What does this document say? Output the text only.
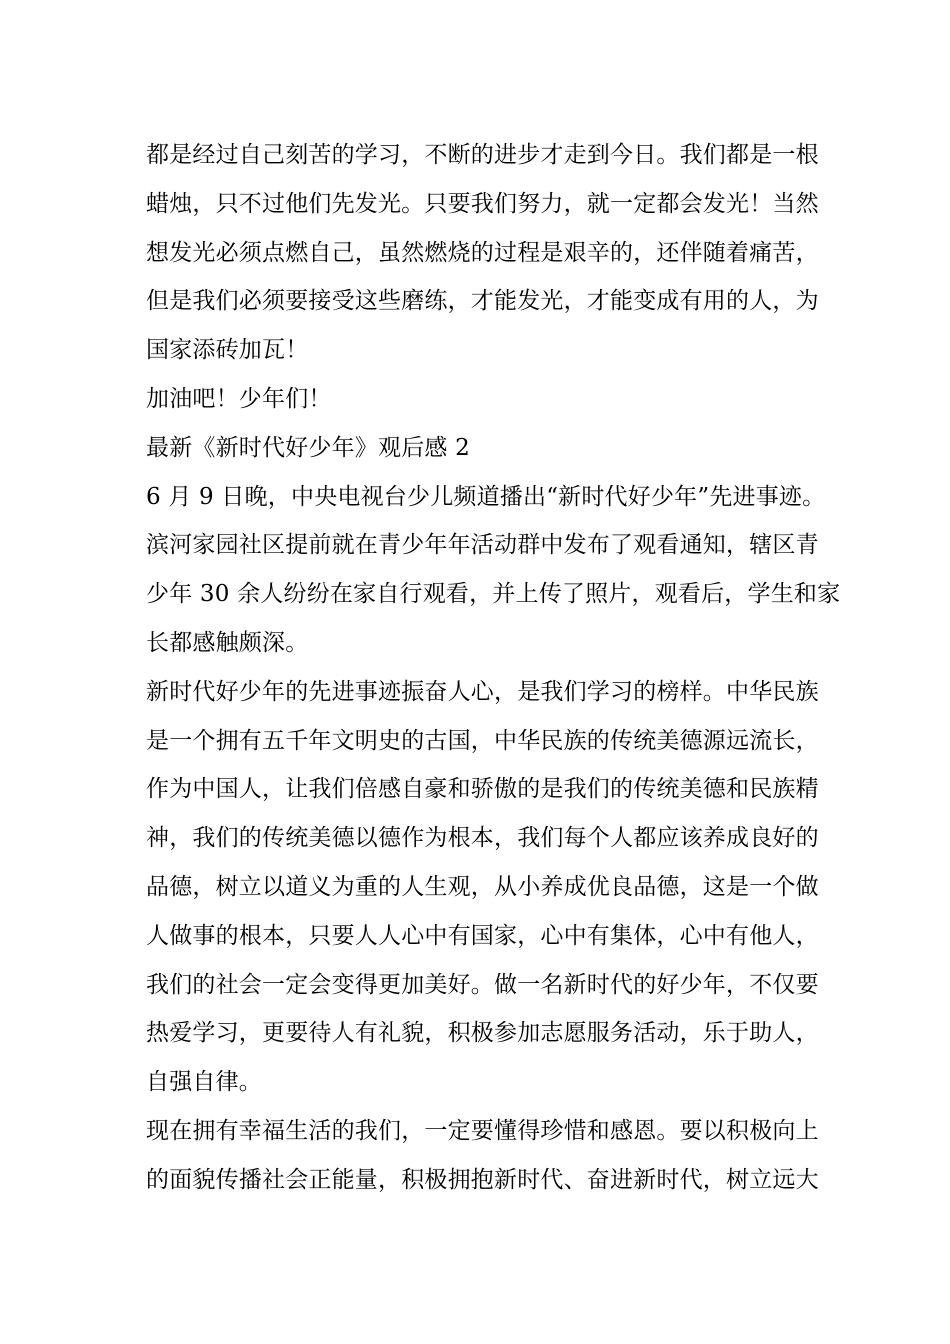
都是经过自己刻苦的学习，不断的进步才走到今日。我们都是一根
蜡烛，只不过他们先发光。只要我们努力，就一定都会发光！当然
想发光必须点燃自己，虽然燃烧的过程是艰辛的，还伴随着痛苦，
但是我们必须要接受这些磨练，才能发光，才能变成有用的人，为
国家添砖加瓦！
加油吧！少年们！
最新《新时代好少年》观后感 2
6 月 9 日晚，中央电视台少儿频道播出“新时代好少年”先进事迹。
滨河家园社区提前就在青少年年活动群中发布了观看通知，辖区青
少年 30 余人纷纷在家自行观看，并上传了照片，观看后，学生和家
长都感触颇深。
新时代好少年的先进事迹振奋人心，是我们学习的榜样。中华民族
是一个拥有五千年文明史的古国，中华民族的传统美德源远流长，
作为中国人，让我们倍感自豪和骄傲的是我们的传统美德和民族精
神，我们的传统美德以德作为根本，我们每个人都应该养成良好的
品德，树立以道义为重的人生观，从小养成优良品德，这是一个做
人做事的根本，只要人人心中有国家，心中有集体，心中有他人，
我们的社会一定会变得更加美好。做一名新时代的好少年，不仅要
热爱学习，更要待人有礼貌，积极参加志愿服务活动，乐于助人，
自强自律。
现在拥有幸福生活的我们，一定要懂得珍惜和感恩。要以积极向上
的面貌传播社会正能量，积极拥抱新时代、奋进新时代，树立远大
